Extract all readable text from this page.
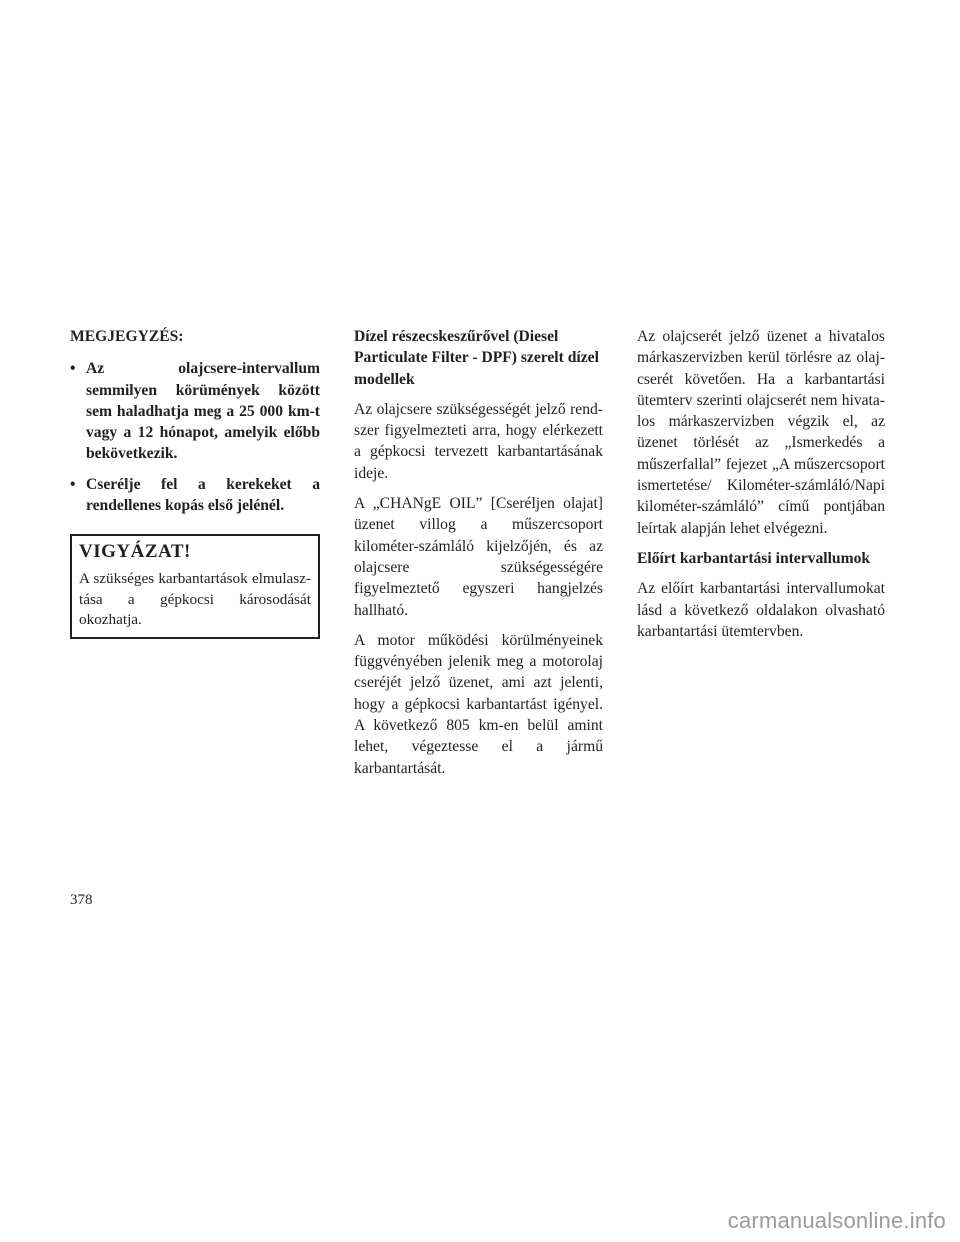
MEGJEGYZÉS:

• Az olajcsere-intervallum semmilyen körümények között sem haladhatja meg a 25 000 km-t vagy a 12 hónapot, amelyik előbb bekövetkezik.
• Cserélje fel a kerekeket a rendellenes kopás első jelénél.
VIGYÁZAT!
A szükséges karbantartások elmulasz-tása a gépkocsi károsodását okozhatja.

Dízel részecskeszűrővel (Diesel Particulate Filter - DPF) szerelt dízel modellek

Az olajcsere szükségességét jelző rend-szer figyelmezteti arra, hogy elérkezett a gépkocsi tervezett karbantartásának ideje.

A „CHANgE OIL” [Cseréljen olajat] üzenet villog a műszercsoport kilométer-számláló kijelzőjén, és az olajcsere szükségességére figyelmeztető egyszeri hangjelzés hallható.

A motor működési körülményeinek függvényében jelenik meg a motorolaj cseréjét jelző üzenet, ami azt jelenti, hogy a gépkocsi karbantartást igényel. A következő 805 km-en belül amint lehet, végeztesse el a jármű karbantartását.

Az olajcserét jelző üzenet a hivatalos márkaszervizben kerül törlésre az olaj-cserét követően. Ha a karbantartási ütemterv szerinti olajcserét nem hivata-los márkaszervizben végzik el, az üzenet törlését az „Ismerkedés a műszerfallal” fejezet „A műszercsoport ismertetése/ Kilométer-számláló/Napi kilométer-számláló” című pontjában leírtak alapján lehet elvégezni.

Előírt karbantartási intervallumok

Az előírt karbantartási intervallumokat lásd a következő oldalakon olvasható karbantartási ütemtervben.

378
carmanualsonline.info
